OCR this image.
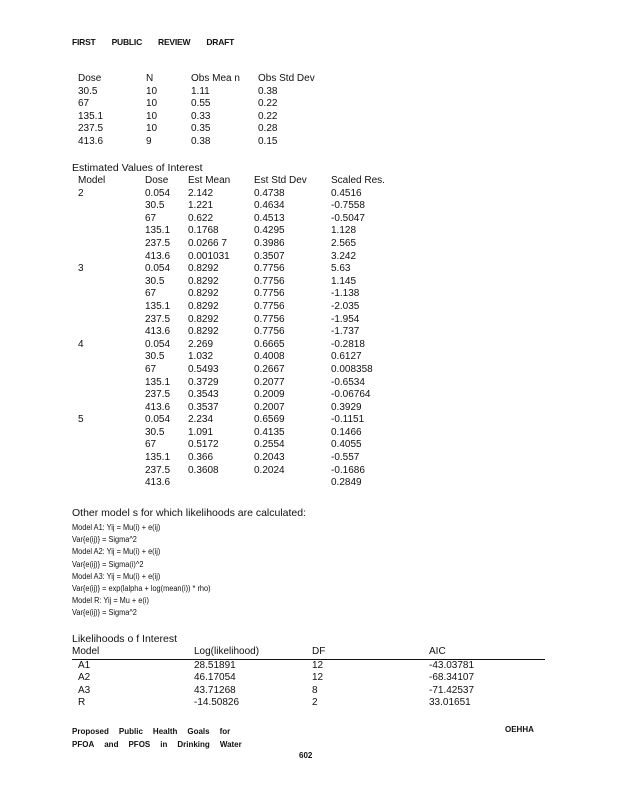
FIRST PUBLIC REVIEW DRAFT
Dose	N	Obs Mea n	Obs Std Dev
30.5	10	1.11	0.38
67	10	0.55	0.22
135.1	10	0.33	0.22
237.5	10	0.35	0.28
413.6	9	0.38	0.15
Estimated Values of Interest
Model	Dose	Est Mean	Est Std Dev	Scaled Res.
2	0.054	2.142	0.4738	0.4516
	30.5	1.221	0.4634	-0.7558
	67	0.622	0.4513	-0.5047
	135.1	0.1768	0.4295	1.128
	237.5	0.0266 7	0.3986	2.565
	413.6	0.001031	0.3507	3.242
3	0.054	0.8292	0.7756	5.63
	30.5	0.8292	0.7756	1.145
	67	0.8292	0.7756	-1.138
	135.1	0.8292	0.7756	-2.035
	237.5	0.8292	0.7756	-1.954
	413.6	0.8292	0.7756	-1.737
4	0.054	2.269	0.6665	-0.2818
	30.5	1.032	0.4008	0.6127
	67	0.5493	0.2667	0.008358
	135.1	0.3729	0.2077	-0.6534
	237.5	0.3543	0.2009	-0.06764
	413.6	0.3537	0.2007	0.3929
5	0.054	2.234	0.6569	-0.1151
	30.5	1.091	0.4135	0.1466
	67	0.5172	0.2554	0.4055
	135.1	0.366	0.2043	-0.557
	237.5	0.3608	0.2024	-0.1686
	413.6			0.2849
Other model s for which likelihoods are calculated:
Model A1: Yij = Mu(i) + e(ij)
Var{e(ij)} = Sigma^2
Model A2: Yij = Mu(i) + e(ij)
Var{e(ij)} = Sigma(i)^2
Model A3: Yij = Mu(i) + e(ij)
Var{e(ij)} = exp(lalpha + log(mean(i)) * rho)
Model R: Yij = Mu + e(i)
Var{e(ij)} = Sigma^2
Likelihoods o f Interest
Model	Log(likelihood)	DF	AIC
A1	28.51891	12	-43.03781
A2	46.17054	12	-68.34107
A3	43.71268	8	-71.42537
R	-14.50826	2	33.01651
Proposed Public Health Goals for
PFOA and PFOS in Drinking Water
OEHHA
602
